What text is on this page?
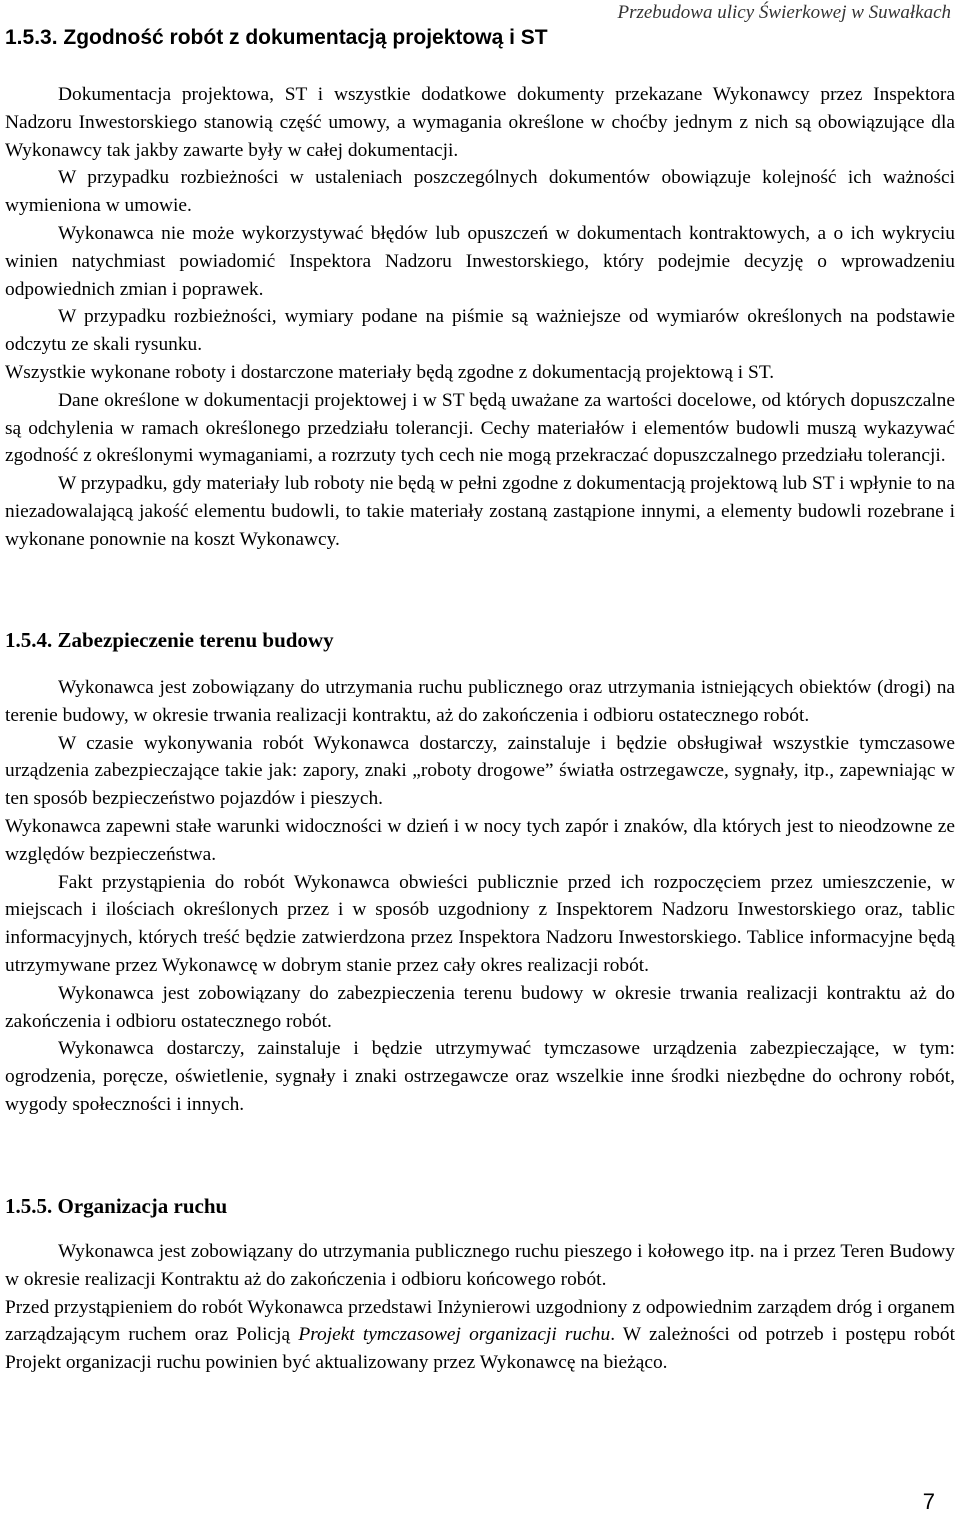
Przebudowa ulicy Świerkowej w Suwałkach
1.5.3. Zgodność robót z dokumentacją projektową i ST

Dokumentacja projektowa, ST i wszystkie dodatkowe dokumenty przekazane Wykonawcy przez Inspektora Nadzoru Inwestorskiego stanowią część umowy, a wymagania określone w choćby jednym z nich są obowiązujące dla Wykonawcy tak jakby zawarte były w całej dokumentacji.

W przypadku rozbieżności w ustaleniach poszczególnych dokumentów obowiązuje kolejność ich ważności wymieniona w umowie.

Wykonawca nie może wykorzystywać błędów lub opuszczeń w dokumentach kontraktowych, a o ich wykryciu winien natychmiast powiadomić Inspektora Nadzoru Inwestorskiego, który podejmie decyzję o wprowadzeniu odpowiednich zmian i poprawek.

W przypadku rozbieżności, wymiary podane na piśmie są ważniejsze od wymiarów określonych na podstawie odczytu ze skali rysunku.

Wszystkie wykonane roboty i dostarczone materiały będą zgodne z dokumentacją projektową i ST.

Dane określone w dokumentacji projektowej i w ST będą uważane za wartości docelowe, od których dopuszczalne są odchylenia w ramach określonego przedziału tolerancji. Cechy materiałów i elementów budowli muszą wykazywać zgodność z określonymi wymaganiami, a rozrzuty tych cech nie mogą przekraczać dopuszczalnego przedziału tolerancji.

W przypadku, gdy materiały lub roboty nie będą w pełni zgodne z dokumentacją projektową lub ST i wpłynie to na niezadowalającą jakość elementu budowli, to takie materiały zostaną zastąpione innymi, a elementy budowli rozebrane i wykonane ponownie na koszt Wykonawcy.

1.5.4. Zabezpieczenie terenu budowy

Wykonawca jest zobowiązany do utrzymania ruchu publicznego oraz utrzymania istniejących obiektów (drogi) na terenie budowy, w okresie trwania realizacji kontraktu, aż do zakończenia i odbioru ostatecznego robót.

W czasie wykonywania robót Wykonawca dostarczy, zainstaluje i będzie obsługiwał wszystkie tymczasowe urządzenia zabezpieczające takie jak: zapory, znaki „roboty drogowe” światła ostrzegawcze, sygnały, itp., zapewniając w ten sposób bezpieczeństwo pojazdów i pieszych.

Wykonawca zapewni stałe warunki widoczności w dzień i w nocy tych zapór i znaków, dla których jest to nieodzowne ze względów bezpieczeństwa.

Fakt przystąpienia do robót Wykonawca obwieści publicznie przed ich rozpoczęciem przez umieszczenie, w miejscach i ilościach określonych przez i w sposób uzgodniony z Inspektorem Nadzoru Inwestorskiego oraz, tablic informacyjnych, których treść będzie zatwierdzona przez Inspektora Nadzoru Inwestorskiego. Tablice informacyjne będą utrzymywane przez Wykonawcę w dobrym stanie przez cały okres realizacji robót.

Wykonawca jest zobowiązany do zabezpieczenia terenu budowy w okresie trwania realizacji kontraktu aż do zakończenia i odbioru ostatecznego robót.

Wykonawca dostarczy, zainstaluje i będzie utrzymywać tymczasowe urządzenia zabezpieczające, w tym: ogrodzenia, poręcze, oświetlenie, sygnały i znaki ostrzegawcze oraz wszelkie inne środki niezbędne do ochrony robót, wygody społeczności i innych.

1.5.5. Organizacja ruchu

Wykonawca jest zobowiązany do utrzymania publicznego ruchu pieszego i kołowego itp. na i przez Teren Budowy w okresie realizacji Kontraktu aż do zakończenia i odbioru końcowego robót.

Przed przystąpieniem do robót Wykonawca przedstawi Inżynierowi uzgodniony z odpowiednim zarządem dróg i organem zarządzającym ruchem oraz Policją Projekt tymczasowej organizacji ruchu. W zależności od potrzeb i postępu robót Projekt organizacji ruchu powinien być aktualizowany przez Wykonawcę na bieżąco.

7
